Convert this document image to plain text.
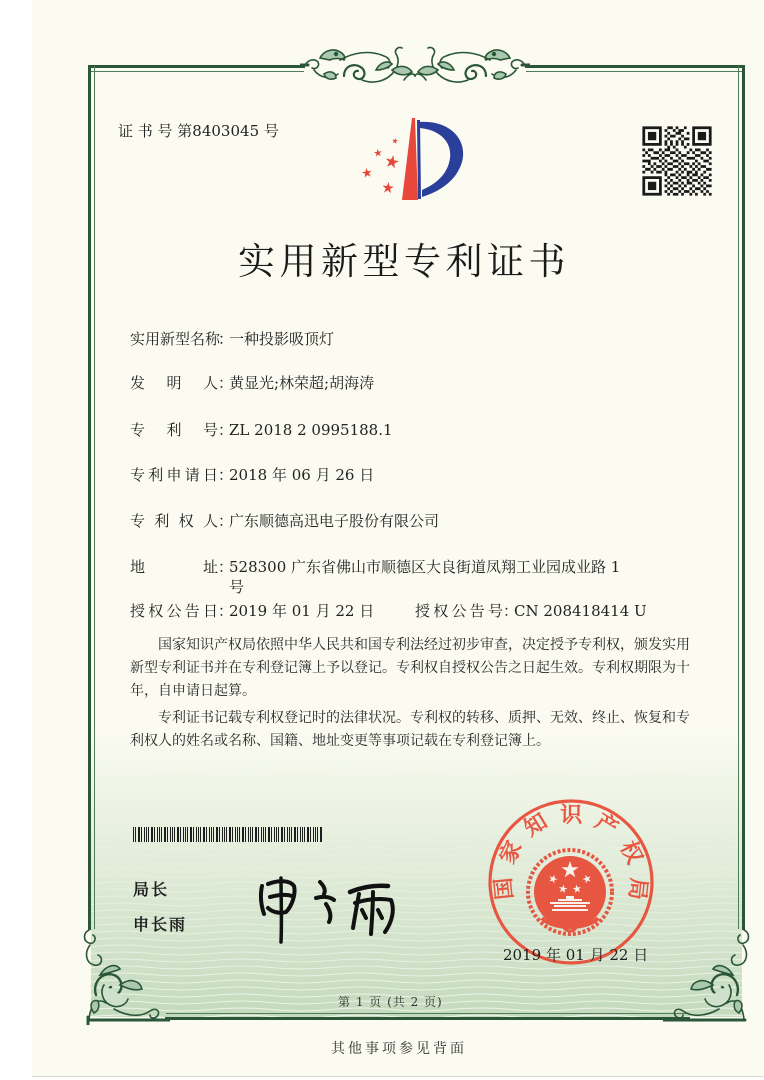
证 书 号 第8403045 号
实用新型专利证书
实用新型名称
：
一种投影吸顶灯
发明人 ：
黄显光;林荣超;胡海涛
专利号 ：
ZL 2018 2 0995188.1
专利申请日 ：
2018 年 06 月 26 日
专利权人 ：
广东顺德高迅电子股份有限公司
地址 ：
528300 广东省佛山市顺德区大良街道凤翔工业园成业路 1
号
授权公告日 ：
2019 年 01 月 22 日	授权公告号 ：
CN 208418414 U
国家知识产权局依照中华人民共和国专利法经过初步审查，决定授予专利权，颁发实用新型专利证书并在专利登记簿上予以登记。专利权自授权公告之日起生效。专利权期限为十年，自申请日起算。
专利证书记载专利权登记时的法律状况。专利权的转移、质押、无效、终止、恢复和专利权人的姓名或名称、国籍、地址变更等事项记载在专利登记簿上。
局长
申长雨
国家知识产权局
2019 年 01 月 22 日
第 1 页 (共 2 页)
其他事项参见背面
